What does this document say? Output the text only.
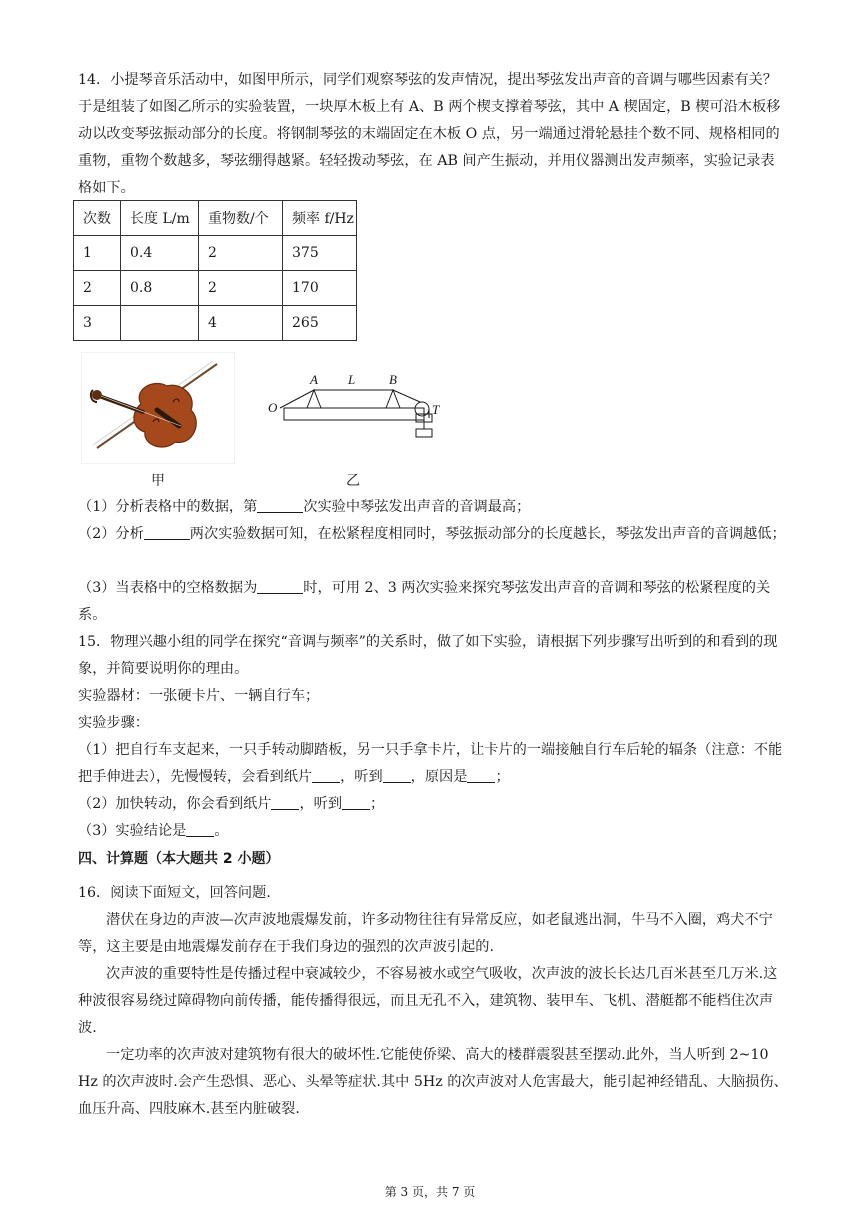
14．小提琴音乐活动中，如图甲所示，同学们观察琴弦的发声情况，提出琴弦发出声音的音调与哪些因素有关？于是组装了如图乙所示的实验装置，一块厚木板上有 A、B 两个楔支撑着琴弦，其中 A 楔固定，B 楔可沿木板移动以改变琴弦振动部分的长度。将钢制琴弦的末端固定在木板 O 点，另一端通过滑轮悬挂个数不同、规格相同的重物，重物个数越多，琴弦绷得越紧。轻轻拨动琴弦，在 AB 间产生振动，并用仪器测出发声频率，实验记录表格如下。

次数	长度 L/m	重物数/个	频率 f/Hz
1	0.4	2	375
2	0.8	2	170
3		4	265
A L	B
O	T
甲	乙

（1）分析表格中的数据，第	次实验中琴弦发出声音的音调最高；

（2）分析	两次实验数据可知，在松紧程度相同时，琴弦振动部分的长度越长，琴弦发出声音的音调越低；

（3）当表格中的空格数据为	时，可用 2、3 两次实验来探究琴弦发出声音的音调和琴弦的松紧程度的关系。

15．物理兴趣小组的同学在探究“音调与频率”的关系时，做了如下实验，请根据下列步骤写出听到的和看到的现象，并简要说明你的理由。

实验器材：一张硬卡片、一辆自行车；

实验步骤：

（1）把自行车支起来，一只手转动脚踏板，另一只手拿卡片，让卡片的一端接触自行车后轮的辐条（注意：不能把手伸进去），先慢慢转，会看到纸片 ，听到 ，原因是 ；

（2）加快转动，你会看到纸片 ，听到 ；

（3）实验结论是 。

四、计算题（本大题共 2 小题）

16．阅读下面短文，回答问题.

潜伏在身边的声波—次声波地震爆发前，许多动物往往有异常反应，如老鼠逃出洞，牛马不入圈，鸡犬不宁等，这主要是由地震爆发前存在于我们身边的强烈的次声波引起的.

次声波的重要特性是传播过程中衰减较少，不容易被水或空气吸收，次声波的波长长达几百米甚至几万米.这种波很容易绕过障碍物向前传播，能传播得很远，而且无孔不入，建筑物、装甲车、飞机、潜艇都不能档住次声波.

一定功率的次声波对建筑物有很大的破坏性.它能使侨梁、高大的楼群震裂甚至摆动.此外，当人听到 2~10 Hz 的次声波时.会产生恐惧、恶心、头晕等症状.其中 5Hz 的次声波对人危害最大，能引起神经错乱、大脑损伤、血压升高、四肢麻木.甚至内脏破裂.

第 3 页，共 7 页
